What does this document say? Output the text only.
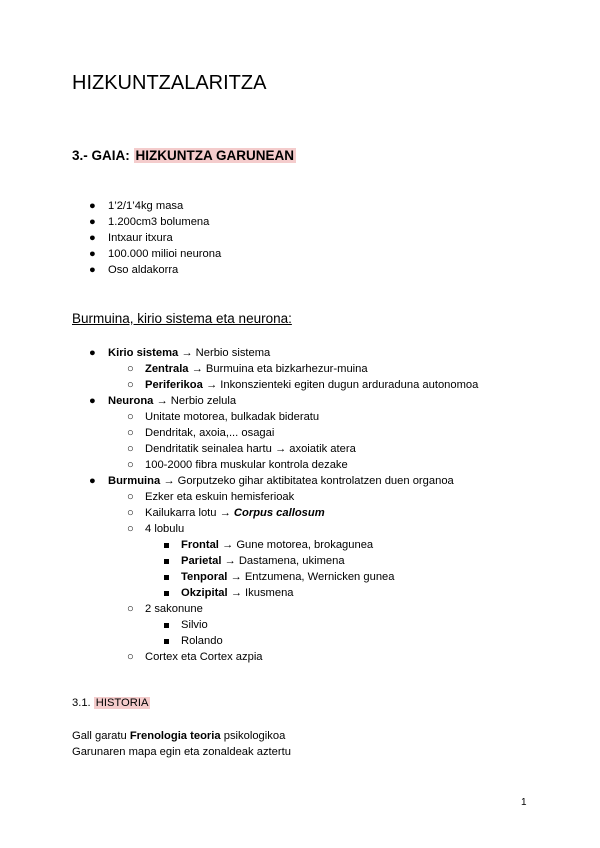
HIZKUNTZALARITZA
3.- GAIA: HIZKUNTZA GARUNEAN
● 1’2/1’4kg masa
● 1.200cm3 bolumena
● Intxaur itxura
● 100.000 milioi neurona
● Oso aldakorra
Burmuina, kirio sistema eta neurona:
● Kirio sistema → Nerbio sistema
○ Zentrala → Burmuina eta bizkarhezur-muina
○ Periferikoa → Inkonszienteki egiten dugun arduraduna autonomoa
● Neurona → Nerbio zelula
○ Unitate motorea, bulkadak bideratu
○ Dendritak, axoia,... osagai
○ Dendritatik seinalea hartu → axoiatik atera
○ 100-2000 fibra muskular kontrola dezake
● Burmuina → Gorputzeko gihar aktibitatea kontrolatzen duen organoa
○ Ezker eta eskuin hemisferioak
○ Kailukarra lotu → Corpus callosum
○ 4 lobulu
Frontal → Gune motorea, brokagunea
Parietal → Dastamena, ukimena
Tenporal → Entzumena, Wernicken gunea
Okzipital → Ikusmena
○ 2 sakonune
Silvio
Rolando
○ Cortex eta Cortex azpia
3.1. HISTORIA
Gall garatu Frenologia teoria psikologikoa
Garunaren mapa egin eta zonaldeak aztertu
1
